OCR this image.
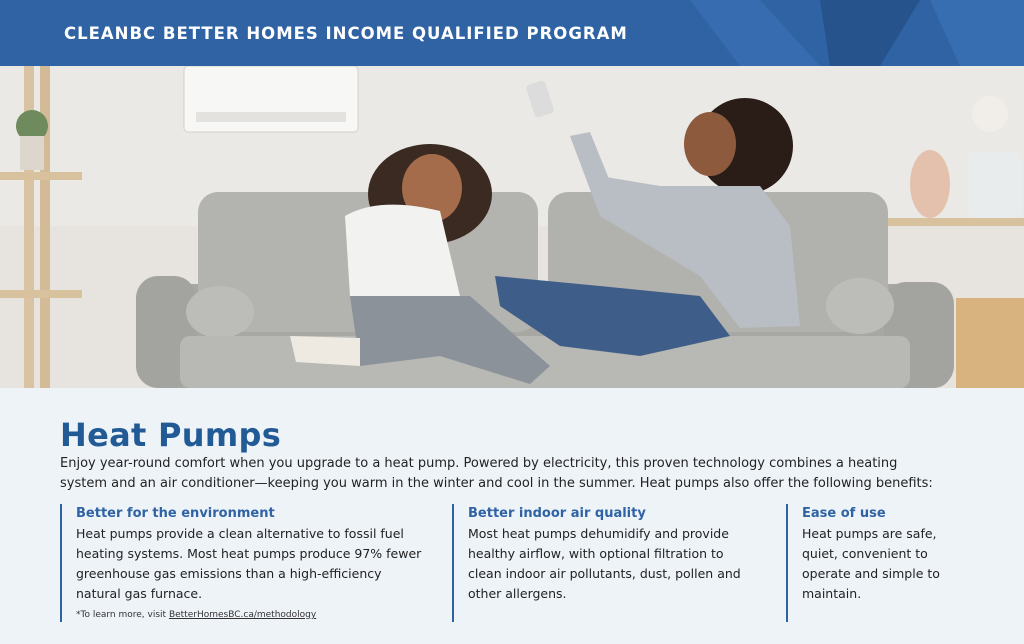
CLEANBC BETTER HOMES INCOME QUALIFIED PROGRAM
Heat Pumps

Enjoy year-round comfort when you upgrade to a heat pump. Powered by electricity, this proven technology combines a heating system and an air conditioner—keeping you warm in the winter and cool in the summer. Heat pumps also offer the following benefits:

Better for the environment

Heat pumps provide a clean alternative to fossil fuel heating systems. Most heat pumps produce 97% fewer greenhouse gas emissions than a high-efficiency natural gas furnace.

*To learn more, visit BetterHomesBC.ca/methodology
Better indoor air quality

Most heat pumps dehumidify and provide healthy airflow, with optional filtration to clean indoor air pollutants, dust, pollen and other allergens.

Ease of use

Heat pumps are safe, quiet, convenient to operate and simple to maintain.
